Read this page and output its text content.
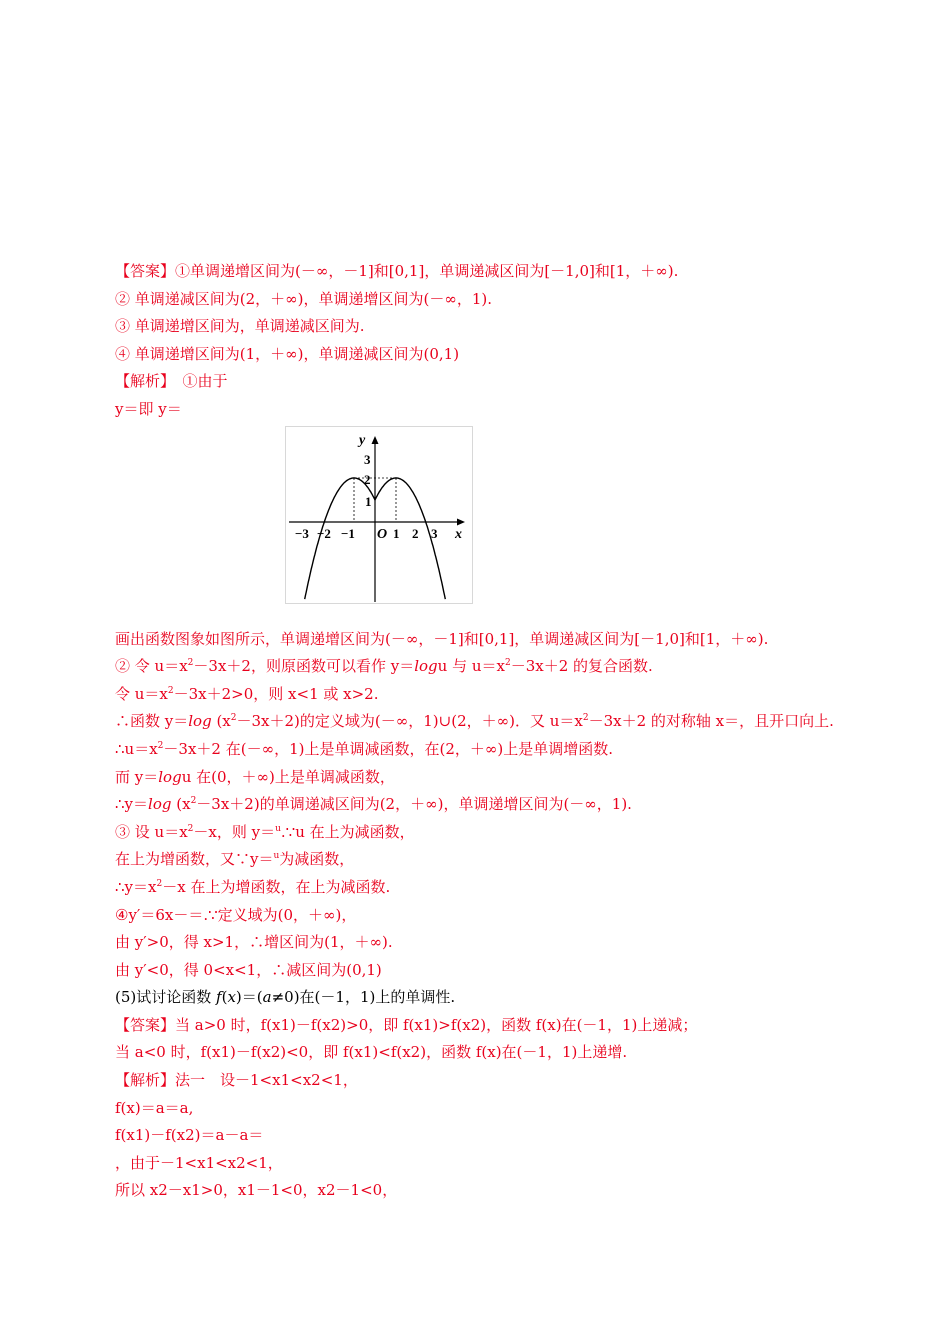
【答案】①单调递增区间为(－∞，－1]和[0,1]，单调递减区间为[－1,0]和[1，＋∞).
② 单调递减区间为(2，＋∞)，单调递增区间为(－∞，1).
③ 单调递增区间为，单调递减区间为.
④ 单调递增区间为(1，＋∞)，单调递减区间为(0,1)
【解析】　①由于
y＝即 y＝
y
x
O
3
2
1
−3 −2 −1	1 2 3
画出函数图象如图所示，单调递增区间为(－∞，－1]和[0,1]，单调递减区间为[－1,0]和[1，＋∞).
② 令 $u=x^2-3x+2$，则原函数可以看作 y＝logu 与 $u=x^2-3x+2$ 的复合函数.
令 $u=x^2-3x+2>0$，则 x<1 或 x>2.
∴函数 y＝log $(x^2-3x+2)$的定义域为(－∞，1)∪(2，＋∞)．又 $u=x^2-3x+2$ 的对称轴 x＝，且开口向上.
$\therefore u=x^2-3x+2$ 在(－∞，1)上是单调减函数，在(2，＋∞)上是单调增函数.
而 y＝logu 在(0，＋∞)上是单调减函数，
∴y＝log $(x^2-3x+2)$的单调递减区间为(2，＋∞)，单调递增区间为(－∞，1).
③ 设 $u=x^2-x$，则 y＝$^u$.∵u 在上为减函数，
在上为增函数，又∵y＝$^u$为减函数，
$\therefore y=x^2-x$ 在上为增函数，在上为减函数.
④y′＝6x－＝.∵定义域为(0，＋∞)，
由 y′>0，得 x>1，∴增区间为(1，＋∞).
由 y′<0，得 0<x<1，∴减区间为(0,1)
(5)试讨论函数 f(x)＝(a≠0)在(－1，1)上的单调性.
【答案】当 a>0 时，f(x1)－f(x2)>0，即 f(x1)>f(x2)，函数 f(x)在(－1，1)上递减；
当 a<0 时，f(x1)－f(x2)<0，即 f(x1)<f(x2)，函数 f(x)在(－1，1)上递增.
【解析】法一　设－1<x1<x2<1，
f(x)＝a＝a,
f(x1)－f(x2)＝a－a＝
，由于－1<x1<x2<1，
所以 x2－x1>0，x1－1<0，x2－1<0，
